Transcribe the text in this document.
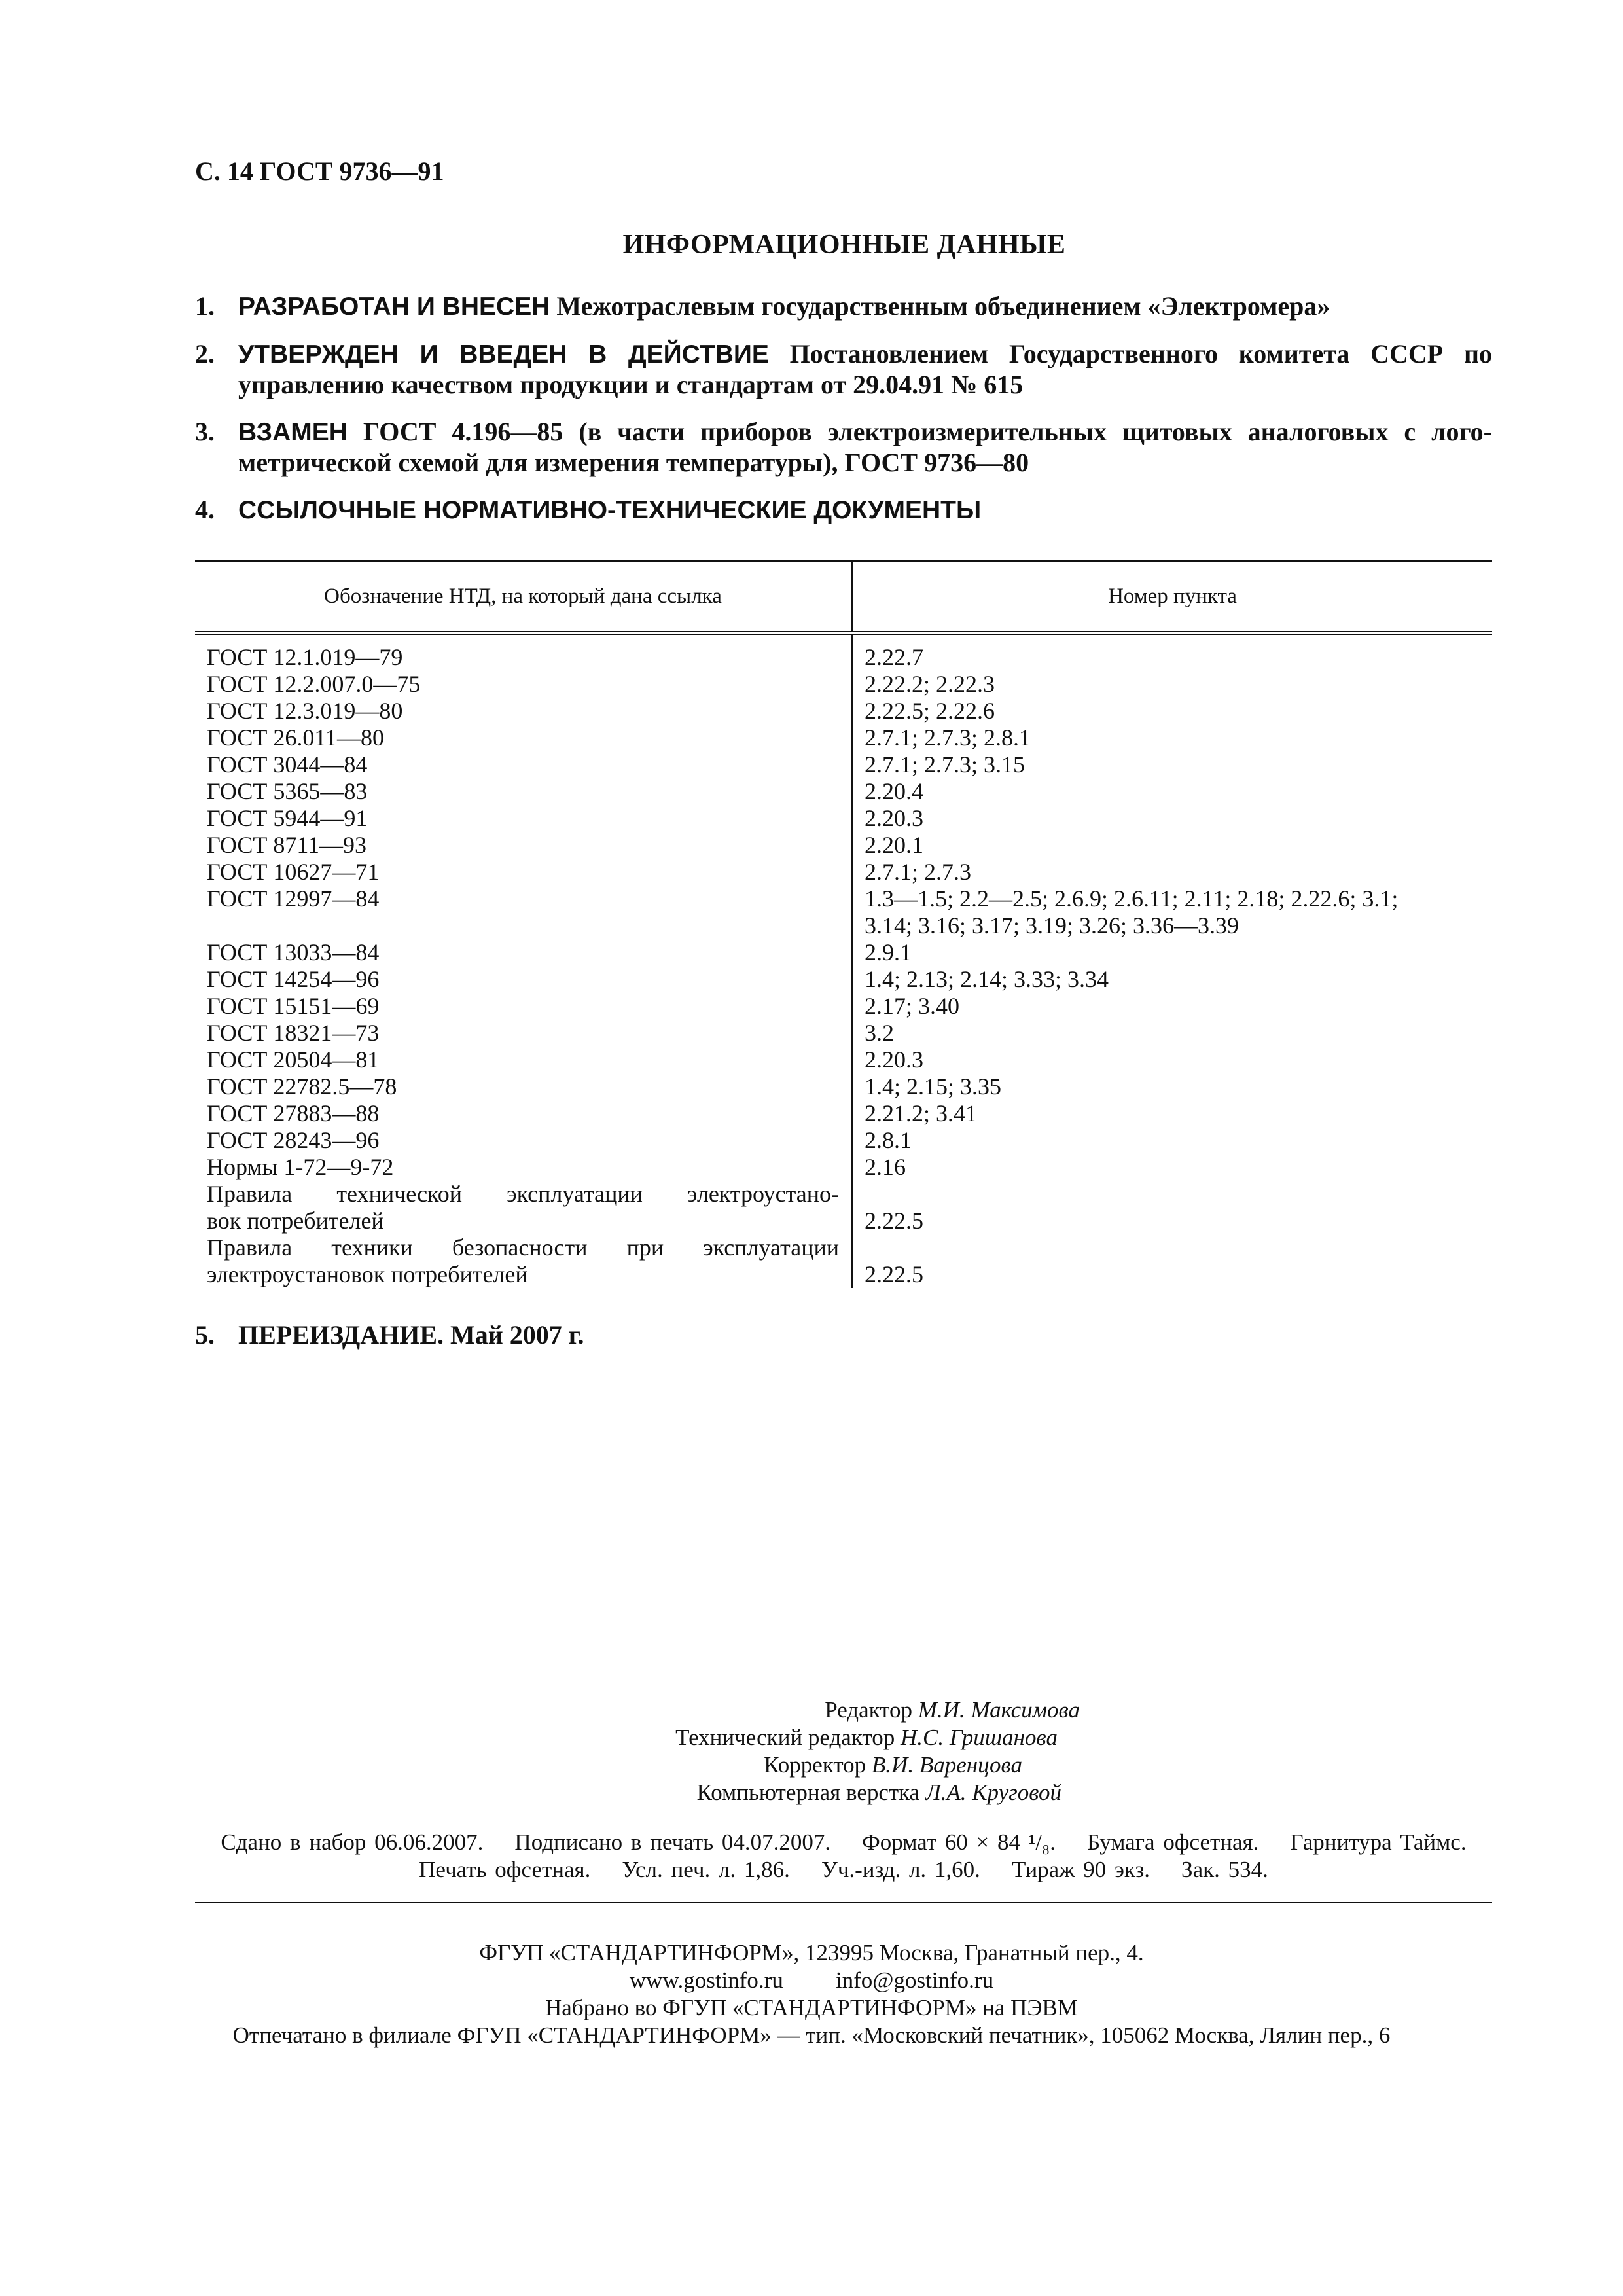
С. 14 ГОСТ 9736—91
ИНФОРМАЦИОННЫЕ ДАННЫЕ
1. РАЗРАБОТАН И ВНЕСЕН Межотраслевым государственным объединением «Электромера»
2. УТВЕРЖДЕН И ВВЕДЕН В ДЕЙСТВИЕ Постановлением Государственного комитета СССР по управлению качеством продукции и стандартам от 29.04.91 № 615
3. ВЗАМЕН ГОСТ 4.196—85 (в части приборов электроизмерительных щитовых аналоговых с лого-метрической схемой для измерения температуры), ГОСТ 9736—80
4. ССЫЛОЧНЫЕ НОРМАТИВНО-ТЕХНИЧЕСКИЕ ДОКУМЕНТЫ
Обозначение НТД, на который дана ссылка	Номер пункта
ГОСТ 12.1.019—79	2.22.7
ГОСТ 12.2.007.0—75	2.22.2; 2.22.3
ГОСТ 12.3.019—80	2.22.5; 2.22.6
ГОСТ 26.011—80	2.7.1; 2.7.3; 2.8.1
ГОСТ 3044—84	2.7.1; 2.7.3; 3.15
ГОСТ 5365—83	2.20.4
ГОСТ 5944—91	2.20.3
ГОСТ 8711—93	2.20.1
ГОСТ 10627—71	2.7.1; 2.7.3
ГОСТ 12997—84	1.3—1.5; 2.2—2.5; 2.6.9; 2.6.11; 2.11; 2.18; 2.22.6; 3.1;
	3.14; 3.16; 3.17; 3.19; 3.26; 3.36—3.39
ГОСТ 13033—84	2.9.1
ГОСТ 14254—96	1.4; 2.13; 2.14; 3.33; 3.34
ГОСТ 15151—69	2.17; 3.40
ГОСТ 18321—73	3.2
ГОСТ 20504—81	2.20.3
ГОСТ 22782.5—78	1.4; 2.15; 3.35
ГОСТ 27883—88	2.21.2; 3.41
ГОСТ 28243—96	2.8.1
Нормы 1-72—9-72	2.16
Правила технической эксплуатации электроустано-	
вок потребителей	2.22.5
Правила техники безопасности при эксплуатации	
электроустановок потребителей	2.22.5
5. ПЕРЕИЗДАНИЕ. Май 2007 г.
Редактор М.И. Максимова
Технический редактор Н.С. Гришанова
Корректор В.И. Варенцова
Компьютерная верстка Л.А. Круговой
Сдано в набор 06.06.2007. Подписано в печать 04.07.2007. Формат 60 × 84 ¹/₈. Бумага офсетная. Гарнитура Таймс.
Печать офсетная. Усл. печ. л. 1,86. Уч.-изд. л. 1,60. Тираж 90 экз. Зак. 534.
ФГУП «СТАНДАРТИНФОРМ», 123995 Москва, Гранатный пер., 4.
www.gostinfo.ru info@gostinfo.ru
Набрано во ФГУП «СТАНДАРТИНФОРМ» на ПЭВМ
Отпечатано в филиале ФГУП «СТАНДАРТИНФОРМ» — тип. «Московский печатник», 105062 Москва, Лялин пер., 6
